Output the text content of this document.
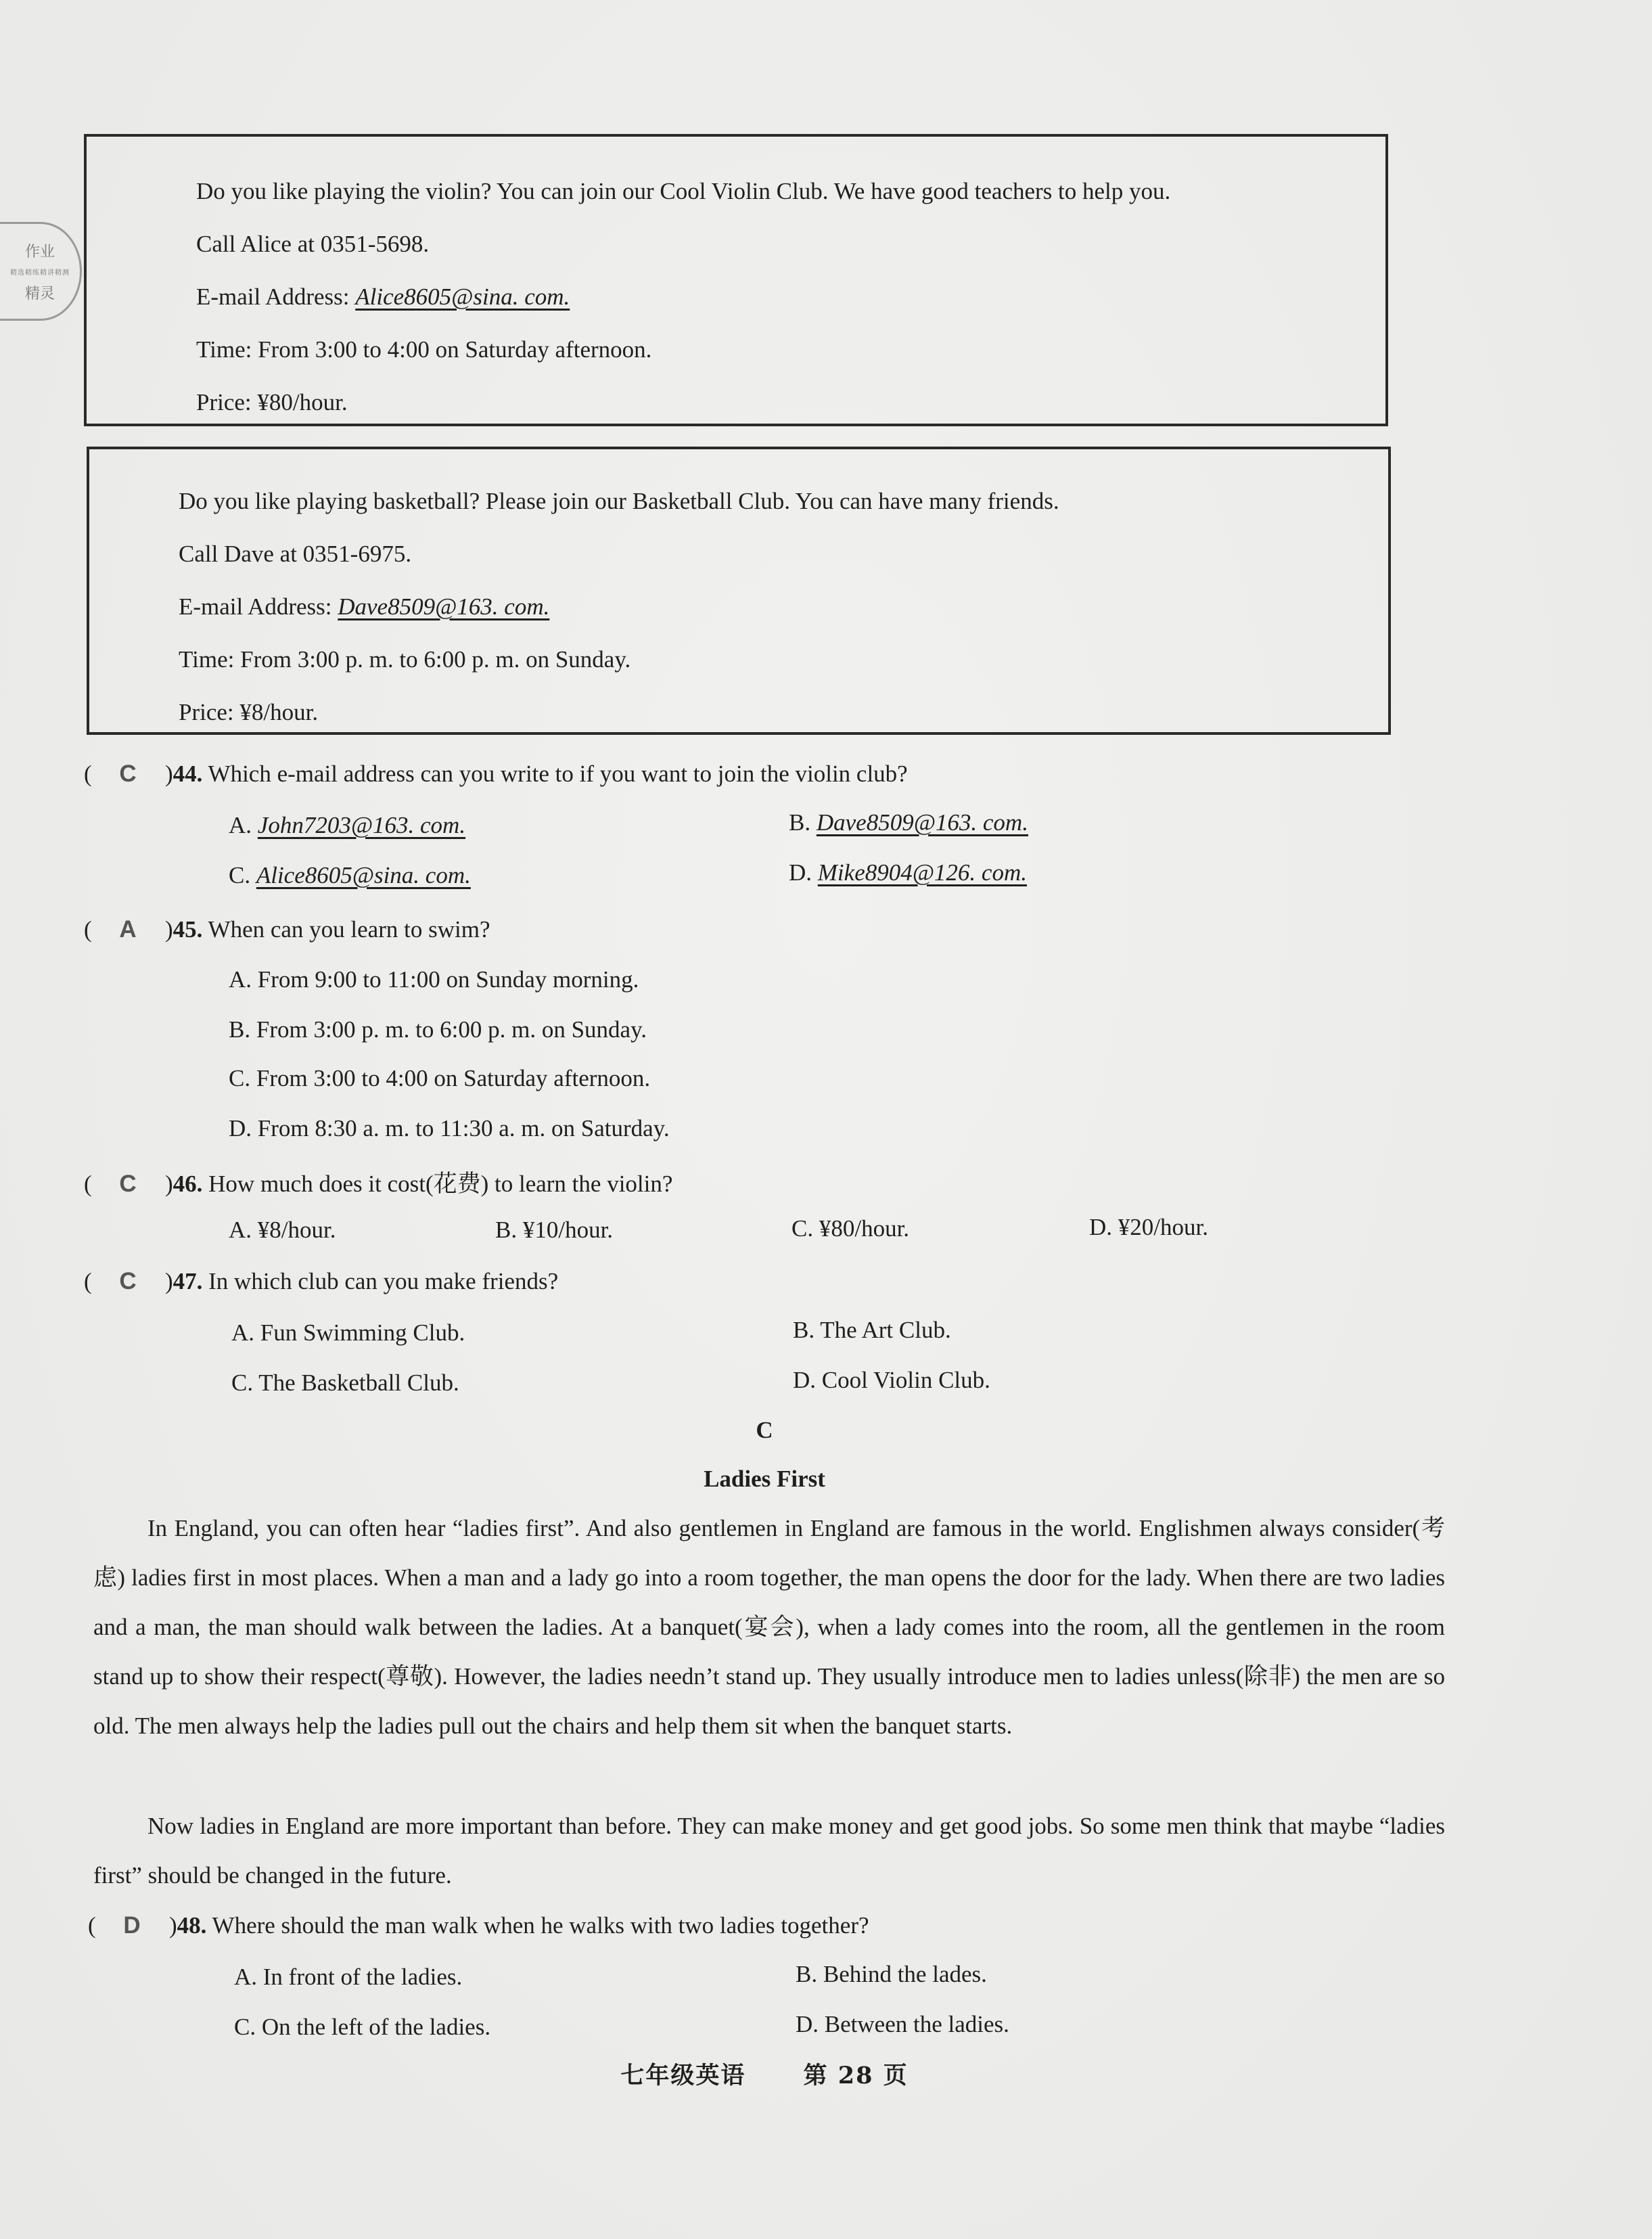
作业
精选精练精讲精测
精灵
Do you like playing the violin? You can join our Cool Violin Club. We have good teachers to help you.
Call Alice at 0351-5698.
E-mail Address: Alice8605@sina. com.
Time: From 3:00 to 4:00 on Saturday afternoon.
Price: ¥80/hour.
Do you like playing basketball? Please join our Basketball Club. You can have many friends.
Call Dave at 0351-6975.
E-mail Address: Dave8509@163. com.
Time: From 3:00 p. m. to 6:00 p. m. on Sunday.
Price: ¥8/hour.
( C )44. Which e-mail address can you write to if you want to join the violin club?
A. John7203@163. com.	B. Dave8509@163. com.
C. Alice8605@sina. com.	D. Mike8904@126. com.
( A )45. When can you learn to swim?
A. From 9:00 to 11:00 on Sunday morning.
B. From 3:00 p. m. to 6:00 p. m. on Sunday.
C. From 3:00 to 4:00 on Saturday afternoon.
D. From 8:30 a. m. to 11:30 a. m. on Saturday.
( C )46. How much does it cost(花费) to learn the violin?
A. ¥8/hour.	B. ¥10/hour.	C. ¥80/hour.	D. ¥20/hour.
( C )47. In which club can you make friends?
A. Fun Swimming Club.	B. The Art Club.
C. The Basketball Club.	D. Cool Violin Club.
C
Ladies First
In England, you can often hear “ladies first”. And also gentlemen in England are famous in the world. Englishmen always consider(考虑) ladies first in most places. When a man and a lady go into a room together, the man opens the door for the lady. When there are two ladies and a man, the man should walk between the ladies. At a banquet(宴会), when a lady comes into the room, all the gentlemen in the room stand up to show their respect(尊敬). However, the ladies needn’t stand up. They usually introduce men to ladies unless(除非) the men are so old. The men always help the ladies pull out the chairs and help them sit when the banquet starts.
Now ladies in England are more important than before. They can make money and get good jobs. So some men think that maybe “ladies first” should be changed in the future.
( D )48. Where should the man walk when he walks with two ladies together?
A. In front of the ladies.	B. Behind the lades.
C. On the left of the ladies.	D. Between the ladies.
七年级英语 第 28 页
